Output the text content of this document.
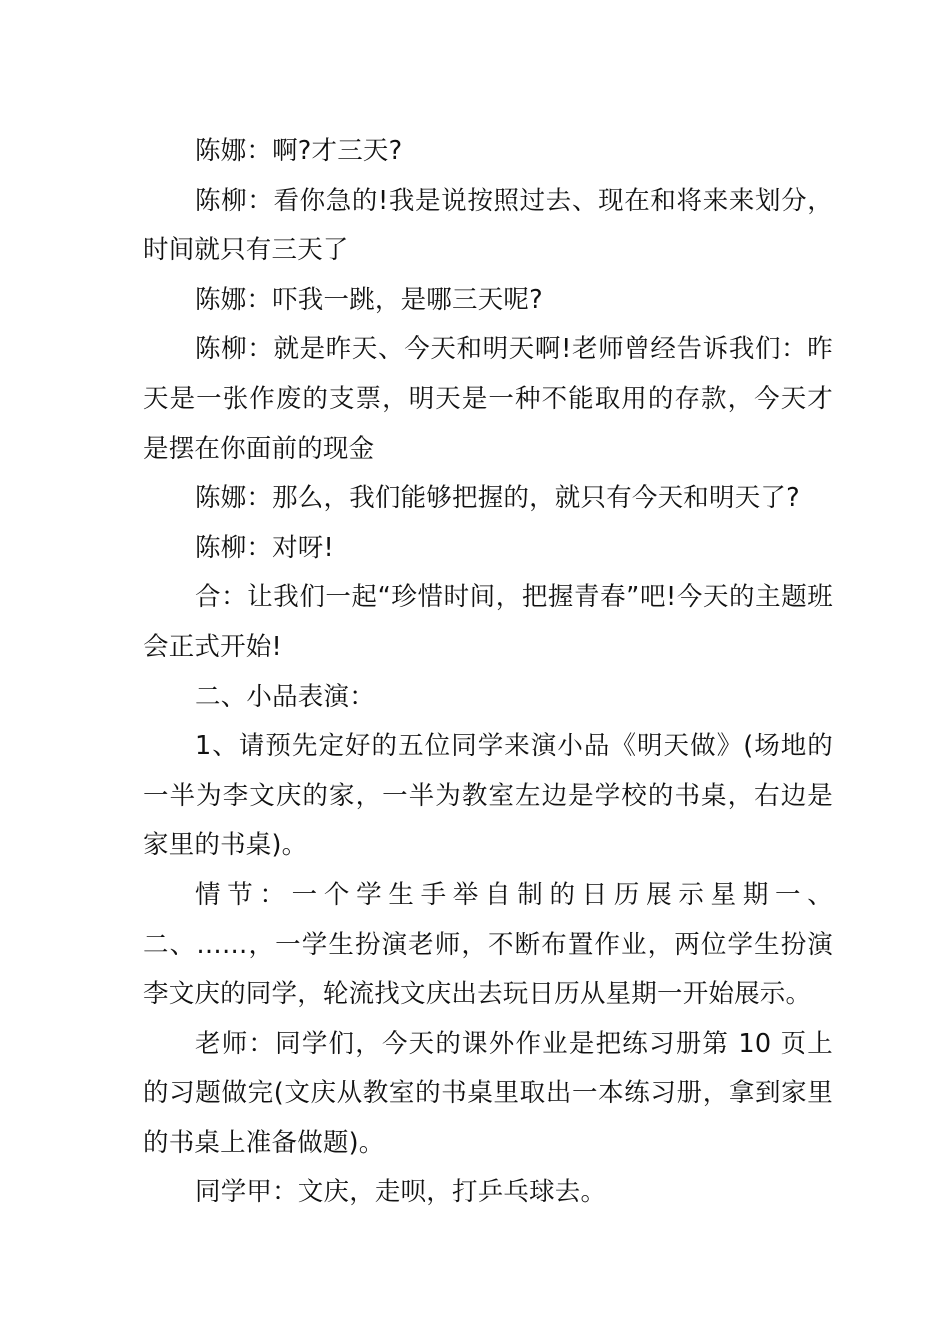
陈娜：啊?才三天?

陈柳：看你急的!我是说按照过去、现在和将来来划分，时间就只有三天了

陈娜：吓我一跳，是哪三天呢?

陈柳：就是昨天、今天和明天啊!老师曾经告诉我们：昨天是一张作废的支票，明天是一种不能取用的存款，今天才是摆在你面前的现金

陈娜：那么，我们能够把握的，就只有今天和明天了?

陈柳：对呀!

合：让我们一起“珍惜时间，把握青春”吧!今天的主题班会正式开始!

二、小品表演：

1、请预先定好的五位同学来演小品《明天做》(场地的一半为李文庆的家，一半为教室左边是学校的书桌，右边是家里的书桌)。

情节：一个学生手举自制的日历展示星期一、二、……，一学生扮演老师，不断布置作业，两位学生扮演李文庆的同学，轮流找文庆出去玩日历从星期一开始展示。

老师：同学们，今天的课外作业是把练习册第 10 页上的习题做完(文庆从教室的书桌里取出一本练习册，拿到家里的书桌上准备做题)。

同学甲：文庆，走呗，打乒乓球去。
